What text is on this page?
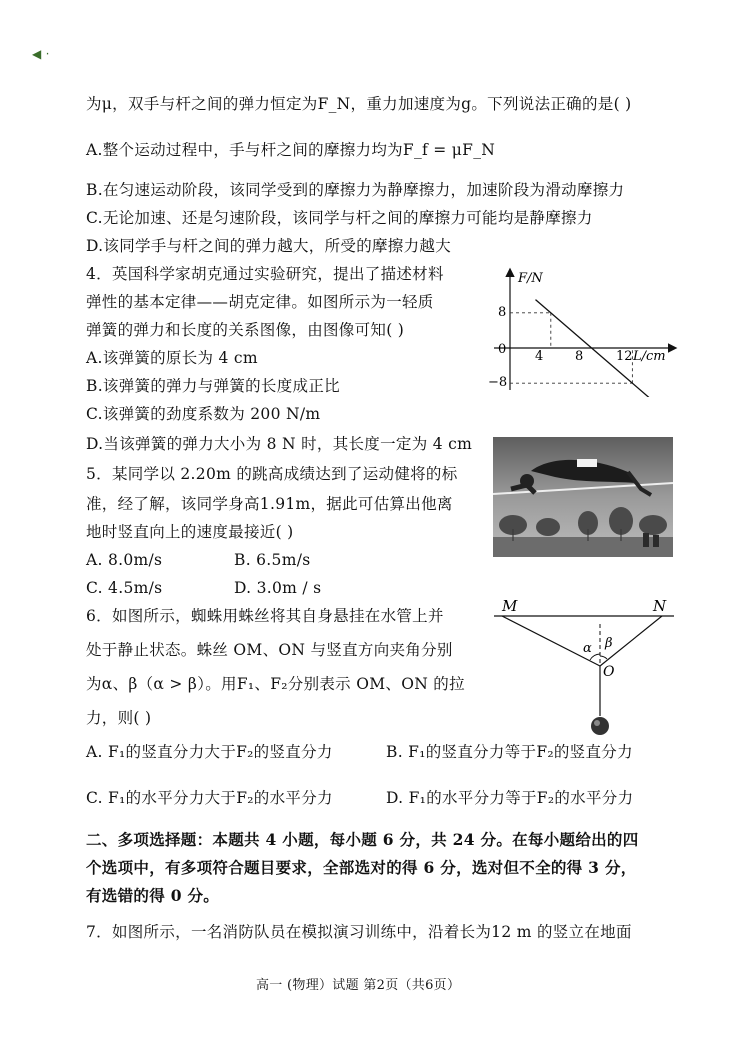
◀ ‧
为μ，双手与杆之间的弹力恒定为F_N，重力加速度为g。下列说法正确的是( )
A.整个运动过程中，手与杆之间的摩擦力均为F_f = μF_N
B.在匀速运动阶段，该同学受到的摩擦力为静摩擦力，加速阶段为滑动摩擦力
C.无论加速、还是匀速阶段，该同学与杆之间的摩擦力可能均是静摩擦力
D.该同学手与杆之间的弹力越大，所受的摩擦力越大
4．英国科学家胡克通过实验研究，提出了描述材料
弹性的基本定律——胡克定律。如图所示为一轻质
弹簧的弹力和长度的关系图像，由图像可知( )
A.该弹簧的原长为 4 cm
B.该弹簧的弹力与弹簧的长度成正比
C.该弹簧的劲度系数为 200 N/m
D.当该弹簧的弹力大小为 8 N 时，其长度一定为 4 cm
F/N
L/cm
0
8
−8
4 8	12
5．某同学以 2.20m 的跳高成绩达到了运动健将的标
准，经了解，该同学身高1.91m，据此可估算出他离
地时竖直向上的速度最接近( )
A. 8.0m/s	B. 6.5m/s
C. 4.5m/s	D. 3.0m / s
6．如图所示，蜘蛛用蛛丝将其自身悬挂在水管上并
处于静止状态。蛛丝 OM、ON 与竖直方向夹角分别
为α、β（α > β）。用F₁、F₂分别表示 OM、ON 的拉
力，则( )
M	N
O
α β
A. F₁的竖直分力大于F₂的竖直分力	B. F₁的竖直分力等于F₂的竖直分力
C. F₁的水平分力大于F₂的水平分力	D. F₁的水平分力等于F₂的水平分力
二、多项选择题：本题共 4 小题，每小题 6 分，共 24 分。在每小题给出的四
个选项中，有多项符合题目要求，全部选对的得 6 分，选对但不全的得 3 分，
有选错的得 0 分。
7．如图所示，一名消防队员在模拟演习训练中，沿着长为12 m 的竖立在地面
高一 (物理）试题 第2页（共6页）
